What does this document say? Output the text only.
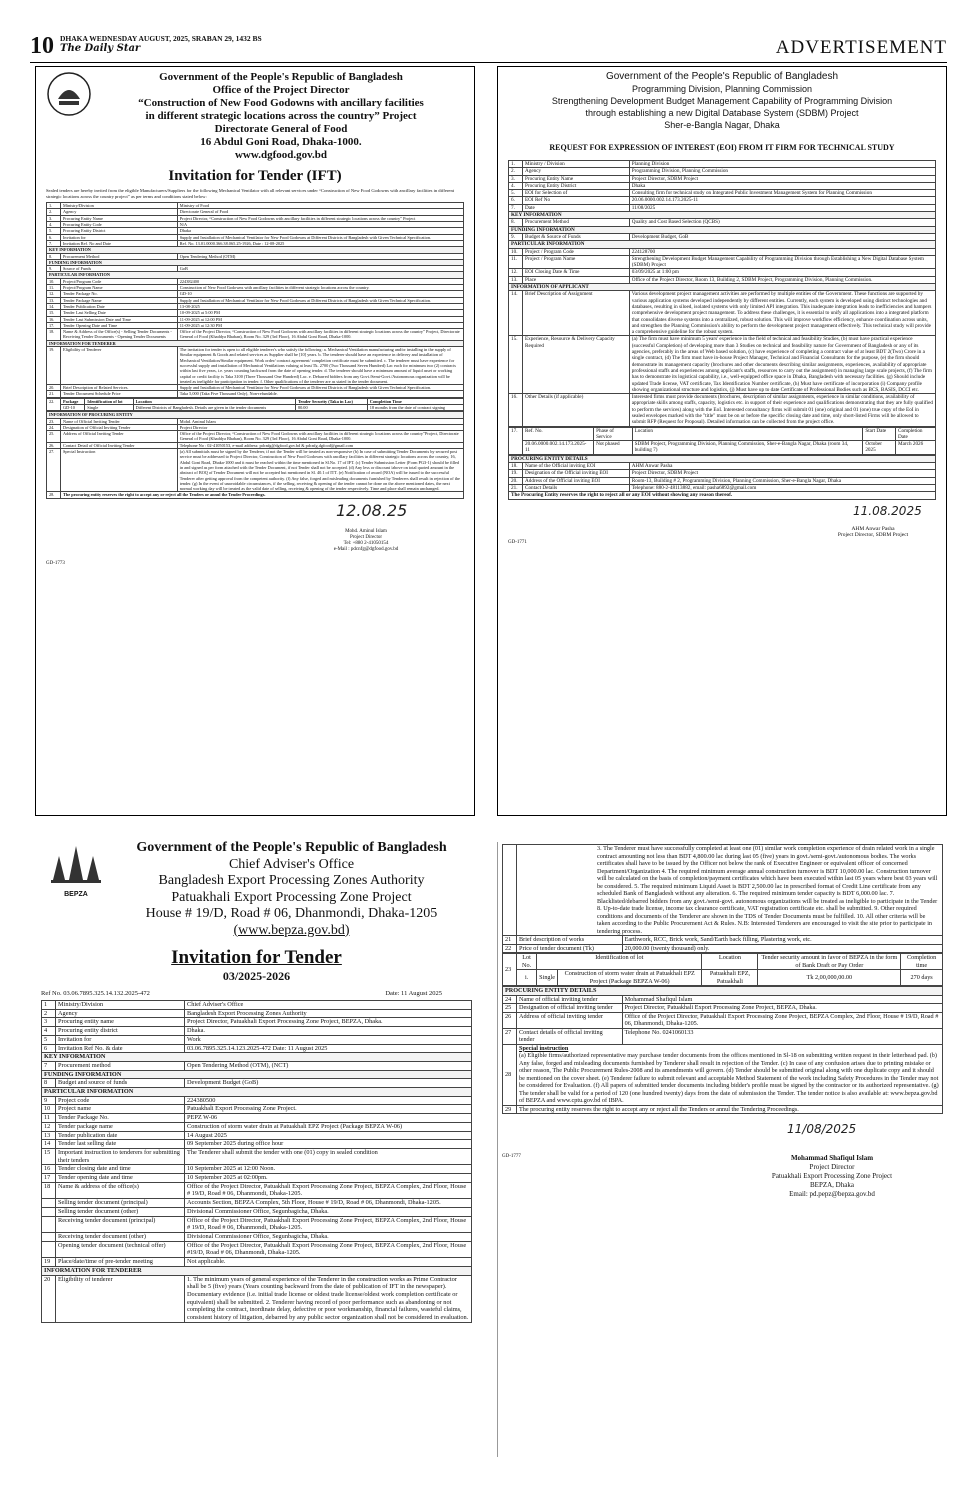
10 DHAKA WEDNESDAY AUGUST, 2025, SRABAN 29, 1432 BS
The Daily Star	ADVERTISEMENT
Government of the People's Republic of Bangladesh
Office of the Project Director
“Construction of New Food Godowns with ancillary facilities
in different strategic locations across the country” Project
Directorate General of Food
16 Abdul Goni Road, Dhaka-1000.
www.dgfood.gov.bd
Invitation for Tender (IFT)
Sealed tenders are hereby invited from the eligible Manufacturers/Suppliers for the following Mechanical Ventilator with all relevant services under “Construction of New Food Godowns with ancillary facilities in different strategic locations across the country project” as per terms and conditions stated below:
1.	Ministry/Division	Ministry of Food
2.	Agency	Directorate General of Food
3.	Procuring Entity Name	Project Director, “Construction of New Food Godowns with ancillary facilities in different strategic locations across the country” Project
4.	Procuring Entity Code	N/A
5.	Procuring Entity District	Dhaka
6.	Invitation for	Supply and Installation of Mechanical Ventilator for New Food Godowns at Different Districts of Bangladesh with Given Technical Specification.
7.	Invitation Ref. No and Date	Ref. No. 13.01.0000.366.38.065.25-1926, Date : 12-08-2025
KEY INFORMATION		
8.	Procurement Method	Open Tendering Method (OTM)
FUNDING INFORMATION		
9.	Source of Funds	GoB
PARTICULAR INFORMATION		
10.	Project/Program Code	224382400
11.	Project/Program Name	Construction of New Food Godowns with ancillary facilities in different strategic locations across the country.
12.	Tender Package No.	GD-10
13.	Tender Package Name	Supply and Installation of Mechanical Ventilator for New Food Godowns at Different Districts of Bangladesh with Given Technical Specification.
14.	Tender Publication Date	13-08-2025
15.	Tender Last Selling Date	10-09-2025 at 5:00 PM
16.	Tender Last Submission Date and Time	11-09-2025 at 12:00 PM
17.	Tender Opening Date and Time	11-09-2025 at 12:30 PM
18.	Name & Address of the Office(s) - Selling Tender Documents - Receiving Tender Documents - Opening Tender Documents	Office of the Project Director, “Construction of New Food Godowns with ancillary facilities in different strategic locations across the country” Project, Directorate General of Food (Khaddya Bhaban), Room No. 329 (3rd Floor), 16 Abdul Goni Road, Dhaka-1000.
INFORMATION FOR TENDERER		
19.	Eligibility of Tenderer	The invitation for tender is open to all eligible tenderer's who satisfy the following: a. Mechanical Ventilation manufacturing and/or installing in the supply of Similar equipment & Goods and related services as Supplier shall be [10] years. b. The tenderer should have an experience in delivery and installation of Mechanical Ventilation/Similar equipment. Work order/ contract agreement/ completion certificate must be submitted. c. The tenderer must have experience for successful supply and installation of Mechanical Ventilations valuing at least Tk. 2700 (Two Thousand Seven Hundred) Lac each for minimum two (2) contracts within last five years, i.e. years counting backward from the date of opening tender. d. The tenderer should have a minimum amount of liquid asset or working capital or credit facility is Taka 3100 (Three Thousand One Hundred) Lac. e. Debarred bidders from any Govt./Semi-Govt./Autonomous organization will be treated as ineligible for participation in tender. f. Other qualifications of the tenderer are as stated in the tender document.
20.	Brief Description of Related Services.	Supply and Installation of Mechanical Ventilator for New Food Godowns at Different Districts of Bangladesh with Given Technical Specification.
21.	Tender Document Schedule Price	Taka 5,000 (Taka Five Thousand Only), Non-refundable.
22.	Package	Identification of lot	Location	Tender Security (Taka in Lac)	Completion Time
	GD-10	Single	Different Districts of Bangladesh. Details are given in the tender documents	80.00	18 months from the date of contract signing
INFORMATION OF PROCURING ENTITY		
23.	Name of Official Inviting Tender	Mohd. Aminul Islam
24.	Designation of Official Inviting Tender	Project Director
25.	Address of Official Inviting Tender	Office of the Project Director, “Construction of New Food Godowns with ancillary facilities in different strategic locations across the country”Project, Directorate General of Food (Khaddya Bhaban), Room No. 329 (3rd Floor), 16 Abdul Goni Road, Dhaka-1000.
26.	Contact Detail of Official Inviting Tender	Telephone No : 02-41050153, e-mail address: pdcnfg@dgfood.gov.bd & pdcnfg.dgfood@gmail.com
27.	Special Instruction	(a) All submittals must be signed by the Tenderer, if not the Tender will be treated as non-responsive (b) In case of submitting Tender Documents by secured post service must be addressed to Project Director, Construction of New Food Godowns with ancillary facilities in different strategic locations across the country, 16, Abdul Goni Road, Dhaka-1000 and it must be reached within the time mentioned in Sl.No. 17 of IFT. (c) Tender Submission Letter (Form PG3-1) should be filled in and signed as per form attached with the Tender Document, if not Tender shall not be accepted. (d) Any less or discount /above on total quoted amount in the abstract of BOQ of Tender Document will not be accepted but mentioned in Sl. 40.1 of ITT. (e) Notification of award (NOA) will be issued to the successful Tenderer after getting approval from the competent authority. (f) Any false, forged and misleading documents furnished by Tenderers shall result in rejection of the tender. (g) In the event of unavoidable circumstances, if the selling, receiving & opening of the tender cannot be done on the above mentioned dates, the next normal working day will be treated as the valid date of selling, receiving & opening of the tender respectively. Time and place shall remain unchanged.
28.	The procuring entity reserves the right to accept any or reject all the Tenders or annul the Tender Proceedings.	
12.08.25
Mohd. Aminul Islam
Project Director
Tel: +880 2-41050154
e-Mail : pdcnfg@dgfood.gov.bd
GD-1773
Government of the People's Republic of Bangladesh
Programming Division, Planning Commission
Strengthening Development Budget Management Capability of Programming Division
through establishing a new Digital Database System (SDBM) Project
Sher-e-Bangla Nagar, Dhaka
REQUEST FOR EXPRESSION OF INTEREST (EOI) FROM IT FIRM FOR TECHNICAL STUDY
1.	Ministry / Division	Planning Division
2.	Agency	Programming Division, Planning Commission
3.	Procuring Entity Name	Project Director, SDBM Project
4.	Procuring Entity District	Dhaka
5.	EOI for Selection of	Consulting firm for technical study on Integrated Public Investment Management System for Planning Commission
6.	EOI Ref No	20.06.0000.002.14.173.2025-11
7.	Date	11/08/2025
KEY INFORMATION		
8.	Procurement Method	Quality and Cost Based Selection (QCBS)
FUNDING INFORMATION		
9.	Budget & Source of Funds	Development Budget, GoB
PARTICULAR INFORMATION		
10.	Project / Program Code	224128700
11.	Project / Program Name	Strengthening Development Budget Management Capability of Programming Division through Establishing a New Digital Database System (SDBM) Project
12.	EOI Closing Date & Time	03/09/2025 at 1:00 pm
13.	Place	Office of the Project Director, Room 13, Building 2, SDBM Project, Programming Division, Planning Commission.
INFORMATION OF APPLICANT		
14.	Brief Description of Assignment	Various development project management activities are performed by multiple entities of the Government. These functions are supported by various application systems developed independently by different entities. Currently, each system is developed using distinct technologies and databases, resulting in siloed, isolated systems with only limited API integration. This inadequate integration leads to inefficiencies and hampers comprehensive development project management. To address these challenges, it is essential to unify all applications into a integrated platform that consolidates diverse systems into a centralized, robust solution. This will improve workflow efficiency, enhance coordination across units, and strengthen the Planning Commission's ability to perform the development project management effectively. This technical study will provide a comprehensive guideline for the robust system.
15.	Experience, Resource & Delivery Capacity Required	(a) The firm must have minimum 5 years' experience in the field of technical and feasibility Studies, (b) must have practical experience (successful Completion) of developing more than 3 Studies on technical and feasibility nature for Government of Bangladesh or any of its agencies, preferably in the areas of Web based solution, (c) have experience of completing a contract value of at least BDT 2(Two) Crore in a single contract, (d) The firm must have in-house Project Manager, Technical and Financial Consultants for the purpose, (e) the firm should demonstrate its management capacity (brochures and other documents describing similar assignments, experiences, availability of appropriate professional staffs and experiences among applicant's staffs, resources to carry out the assignment) in managing large scale projects, (f) The firm has to demonstrate its logistical capability, i.e., well-equipped office space in Dhaka, Bangladesh with necessary facilities. (g) Should include updated Trade license, VAT certificate, Tax Identification Number certificate, (h) Must have certificate of incorporation (i) Company profile showing organizational structure and logistics, (j) Must have up to date Certificate of Professional Bodies such as BCS, BASIS, DCCI etc.
16.	Other Details (if applicable)	Interested firms must provide documents (brochures, description of similar assignments, experience in similar conditions, availability of appropriate skills among staffs, capacity, logistics etc. in support of their experience and qualifications demonstrating that they are fully qualified to perform the services) along with the EoI. Interested consultancy firms will submit 01 (one) original and 01 (one) true copy of the EoI in sealed envelopes marked with the "title" must be on or before the specific closing date and time, only short-listed Firms will be allowed to submit RFP (Request for Proposal). Detailed information can be collected from the project office.
17.	Ref. No.	Phase of Service	Location	Start Date	Completion Date
	20.06.0000.002.14.173.2025-11	Not phased	SDBM Project, Programming Division, Planning Commission, Sher-e-Bangla Nagar, Dhaka (room 34, building 7)	October 2025	March 2026
PROCURING ENTITY DETAILS		
18.	Name of the Official inviting EOI	AHM Anwar Pasha
19.	Designation of the Official inviting EOI	Project Director, SDBM Project
20.	Address of the Official inviting EOI	Room-13, Building # 2, Programming Division, Planning Commission, Sher-e-Bangla Nagar, Dhaka
21.	Contact Details	Telephone: 880-2-48113882, email: pasha6892@gmail.com
The Procuring Entity reserves the right to reject all or any EOI without showing any reason thereof.		
11.08.2025
AHM Anwar Pasha
Project Director, SDBM Project
GD-1771
BEPZA
Government of the People's Republic of Bangladesh
Chief Adviser's Office
Bangladesh Export Processing Zones Authority
Patuakhali Export Processing Zone Project
House # 19/D, Road # 06, Dhanmondi, Dhaka-1205
(www.bepza.gov.bd)
Invitation for Tender
03/2025-2026
Ref No. 03.06.7895.325.14.132.2025-472	Date: 11 August 2025
1	Ministry/Division	Chief Adviser's Office
2	Agency	Bangladesh Export Processing Zones Authority
3	Procuring entity name	Project Director, Patuakhali Export Processing Zone Project, BEPZA, Dhaka.
4	Procuring entity district	Dhaka.
5	Invitation for	Work
6	Invitation Ref No. & date	03.06.7895.325.14.123.2025-472 Date: 11 August 2025
KEY INFORMATION		
7	Procurement method	Open Tendering Method (OTM), (NCT)
FUNDING INFORMATION		
8	Budget and source of funds	Development Budget (GoB)
PARTICULAR INFORMATION		
9	Project code	224380500
10	Project name	Patuakhali Export Processing Zone Project.
11	Tender Package No.	PEPZ W-06
12	Tender package name	Construction of storm water drain at Patuakhali EPZ Project (Package BEPZA W-06)
13	Tender publication date	14 August 2025
14	Tender last selling date	09 September 2025 during office hour
15	Important instruction to tenderers for submitting their tenders	The Tenderer shall submit the tender with one (01) copy in sealed condition
16	Tender closing date and time	10 September 2025 at 12:00 Noon.
17	Tender opening date and time	10 September 2025 at 02:00pm.
18	Name & address of the office(s)	Office of the Project Director, Patuakhali Export Processing Zone Project, BEPZA Complex, 2nd Floor, House # 19/D, Road # 06, Dhanmondi, Dhaka-1205.
	Selling tender document (principal)	Accounts Section, BEPZA Complex, 5th Floor, House # 19/D, Road # 06, Dhanmondi, Dhaka-1205.
	Selling tender document (other)	Divisional Commissioner Office, Segunbagicha, Dhaka.
	Receiving tender document (principal)	Office of the Project Director, Patuakhali Export Processing Zone Project, BEPZA Complex, 2nd Floor, House # 19/D, Road # 06, Dhanmondi, Dhaka-1205.
	Receiving tender document (other)	Divisional Commissioner Office, Segunbagicha, Dhaka.
	Opening tender document (technical offer)	Office of the Project Director, Patuakhali Export Processing Zone Project, BEPZA Complex, 2nd Floor, House #19/D, Road # 06, Dhanmondi, Dhaka-1205.
19	Place/date/time of pre-tender meeting	Not applicable.
INFORMATION FOR TENDERER		
20	Eligibility of tenderer	1. The minimum years of general experience of the Tenderer in the construction works as Prime Contractor shall be 5 (five) years (Years counting backward from the date of publication of IFT in the newspaper). Documentary evidence (i.e. initial trade license or oldest trade license/oldest work completion certificate or equivalent) shall be submitted. 2. Tenderer having record of poor performance such as abandoning or not completing the contract, inordinate delay, defective or poor workmanship, financial failures, wasteful claims, consistent history of litigation, debarred by any public sector organization shall not be considered in evaluation.
	3. The Tenderer must have successfully completed at least one (01) similar work completion experience of drain related work in a single contract amounting not less than BDT 4,800.00 lac during last 05 (five) years in govt./semi-govt./autonomous bodies. The works certificates shall have to be issued by the Officer not below the rank of Executive Engineer or equivalent officer of concerned Department/Organization 4. The required minimum average annual construction turnover is BDT 10,000.00 lac. Construction turnover will be calculated on the basis of completion/payment certificates which have been executed within last 05 years where best 03 years will be considered. 5. The required minimum Liquid Asset is BDT 2,500.00 lac in prescribed format of Credit Line certificate from any scheduled Bank of Bangladesh without any alteration. 6. The required minimum tender capacity is BDT 6,000.00 lac. 7. Blacklisted/debarred bidders from any govt./semi-govt. autonomous organizations will be treated as ineligible to participate in the Tender 8. Up-to-date trade license, income tax clearance certificate, VAT registration certificate etc. shall be submitted. 9. Other required conditions and documents of the Tenderer are shown in the TDS of Tender Documents must be fulfilled. 10. All other criteria will be taken according to the Public Procurement Act & Rules. N.B: Interested Tenderers are encouraged to visit the site prior to participate in tendering process.	
21	Brief description of works	Earthwork, RCC, Brick work, Sand/Earth back filling, Plastering work, etc.
22	Price of tender document (Tk)	20,000.00 (twenty thousand) only.
23	Lot No.	Identification of lot		Location	Tender security amount in favor of BEPZA in the form of Bank Draft or Pay Order	Completion time
	i.	Single	Construction of storm water drain at Patuakhali EPZ Project (Package BEPZA W-06)	Patuakhali EPZ, Patuakhali	Tk 2,00,000,00.00	270 days
PROCURING ENTITY DETAILS		
24	Name of official inviting tender	Mohammad Shafiqul Islam
25	Designation of official inviting tender	Project Director, Patuakhali Export Processing Zone Project, BEPZA, Dhaka.
26	Address of official inviting tender	Office of the Project Director, Patuakhali Export Processing Zone Project, BEPZA Complex, 2nd Floor, House # 19/D, Road # 06, Dhanmondi, Dhaka-1205.
27	Contact details of official inviting tender	Telephone No. 0241060133
28	Special instruction
(a) Eligible firms/authorized representative may purchase tender documents from the offices mentioned in Sl-18 on submitting written request in their letterhead pad. (b) Any false, forged and misleading documents furnished by Tenderer shall result in rejection of the Tender. (c) In case of any confusion arises due to printing mistake or other reason, The Public Procurement Rules-2008 and its amendments will govern. (d) Tender should be submitted original along with one duplicate copy and it should be mentioned on the cover sheet. (e) Tenderer failure to submit relevant and acceptable Method Statement of the work including Safety Procedures in the Tender may not be considered for Evaluation. (f) All papers of submitted tender documents including bidder's profile must be signed by the contractor or its authorized representative. (g) The tender shall be valid for a period of 120 (one hundred twenty) days from the date of submission the Tender. The tender notice is also available at: www.bepza.gov.bd of BEPZA and www.cptu.gov.bd of IBPA.	

29	The procuring entity reserves the right to accept any or reject all the Tenders or annul the Tendering Proceedings.	
11/08/2025
Mohammad Shafiqul Islam
Project Director
Patuakhali Export Processing Zone Project
BEPZA, Dhaka
Email: pd.pepz@bepza.gov.bd
GD-1777
